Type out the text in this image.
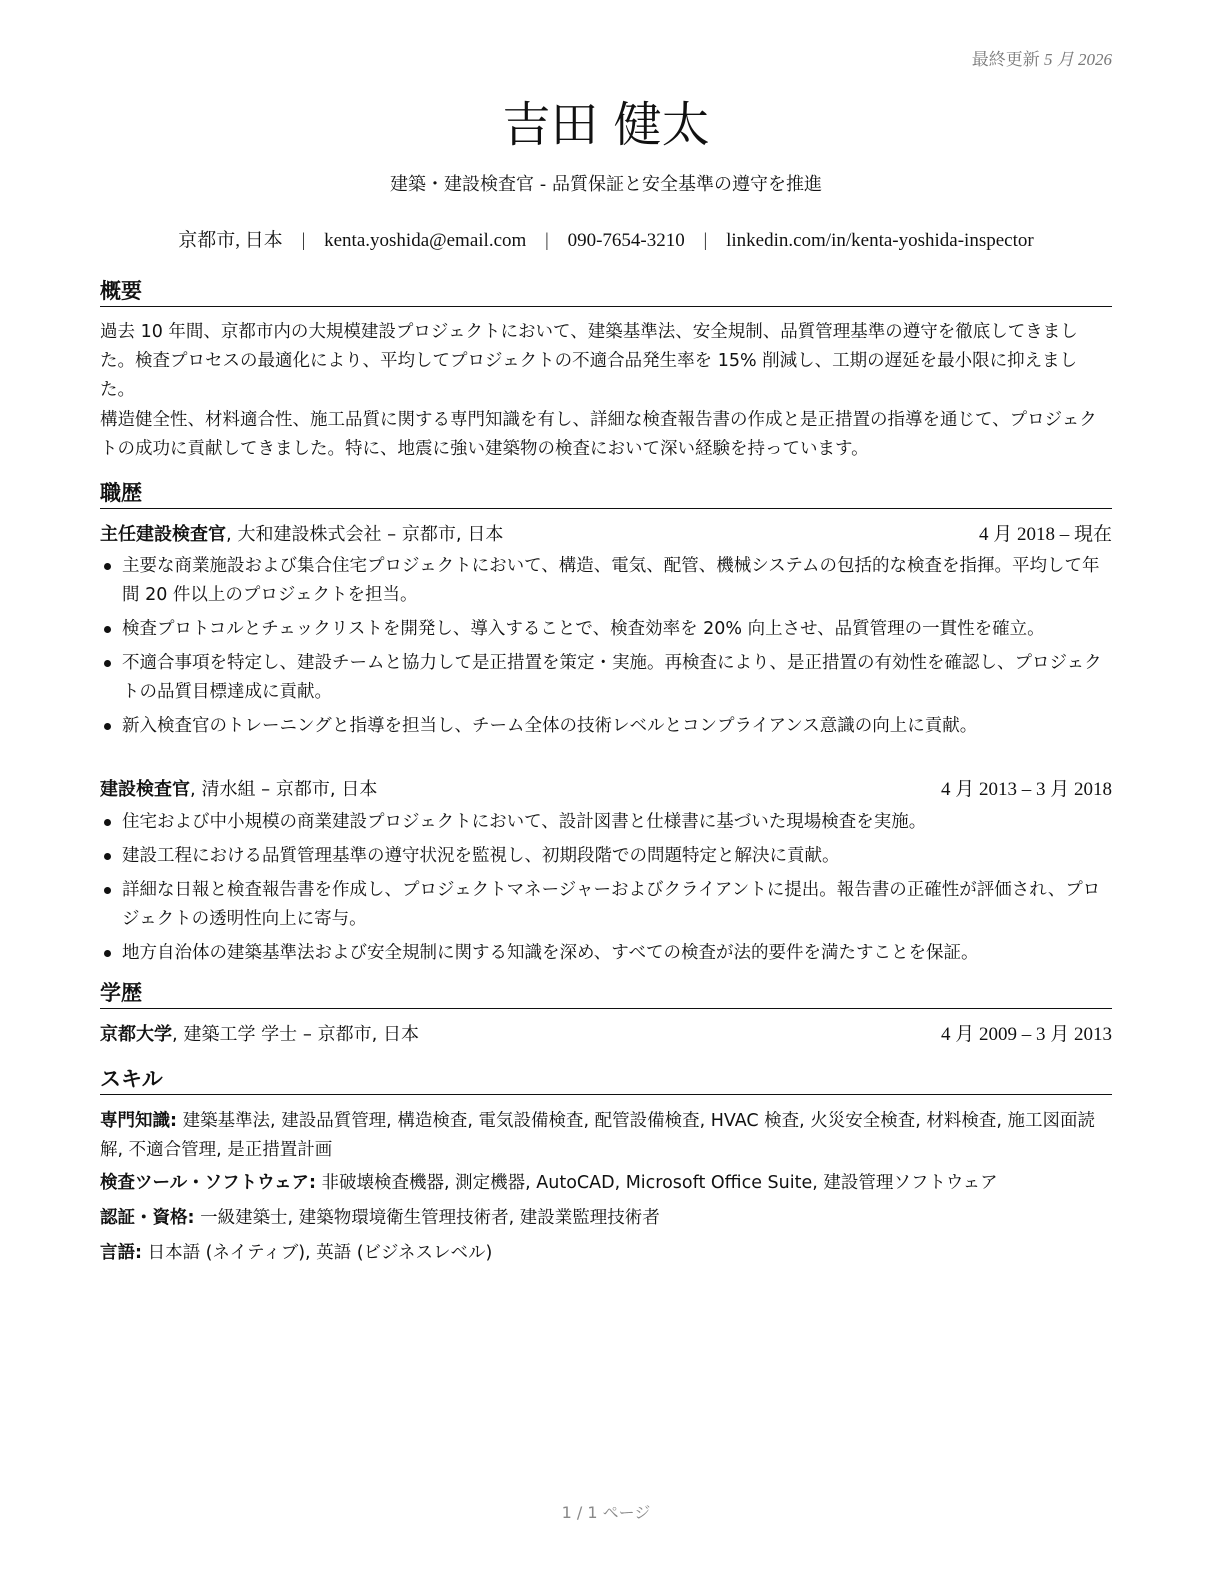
最終更新 5 月 2026
吉田 健太
建築・建設検査官 - 品質保証と安全基準の遵守を推進
京都市, 日本 | kenta.yoshida@email.com | 090-7654-3210 | linkedin.com/in/kenta-yoshida-inspector
概要

過去 10 年間、京都市内の大規模建設プロジェクトにおいて、建築基準法、安全規制、品質管理基準の遵守を徹底してきました。検査プロセスの最適化により、平均してプロジェクトの不適合品発生率を 15% 削減し、工期の遅延を最小限に抑えました。

構造健全性、材料適合性、施工品質に関する専門知識を有し、詳細な検査報告書の作成と是正措置の指導を通じて、プロジェクトの成功に貢献してきました。特に、地震に強い建築物の検査において深い経験を持っています。

職歴
主任建設検査官, 大和建設株式会社 – 京都市, 日本	4 月 2018 – 現在
主要な商業施設および集合住宅プロジェクトにおいて、構造、電気、配管、機械システムの包括的な検査を指揮。平均して年間 20 件以上のプロジェクトを担当。
検査プロトコルとチェックリストを開発し、導入することで、検査効率を 20% 向上させ、品質管理の一貫性を確立。
不適合事項を特定し、建設チームと協力して是正措置を策定・実施。再検査により、是正措置の有効性を確認し、プロジェクトの品質目標達成に貢献。
新入検査官のトレーニングと指導を担当し、チーム全体の技術レベルとコンプライアンス意識の向上に貢献。
建設検査官, 清水組 – 京都市, 日本	4 月 2013 – 3 月 2018
住宅および中小規模の商業建設プロジェクトにおいて、設計図書と仕様書に基づいた現場検査を実施。
建設工程における品質管理基準の遵守状況を監視し、初期段階での問題特定と解決に貢献。
詳細な日報と検査報告書を作成し、プロジェクトマネージャーおよびクライアントに提出。報告書の正確性が評価され、プロジェクトの透明性向上に寄与。
地方自治体の建築基準法および安全規制に関する知識を深め、すべての検査が法的要件を満たすことを保証。
学歴
京都大学, 建築工学 学士 – 京都市, 日本	4 月 2009 – 3 月 2013
スキル
専門知識: 建築基準法, 建設品質管理, 構造検査, 電気設備検査, 配管設備検査, HVAC 検査, 火災安全検査, 材料検査, 施工図面読解, 不適合管理, 是正措置計画
検査ツール・ソフトウェア: 非破壊検査機器, 測定機器, AutoCAD, Microsoft Office Suite, 建設管理ソフトウェア
認証・資格: 一級建築士, 建築物環境衛生管理技術者, 建設業監理技術者
言語: 日本語 (ネイティブ), 英語 (ビジネスレベル)
1 / 1 ページ
